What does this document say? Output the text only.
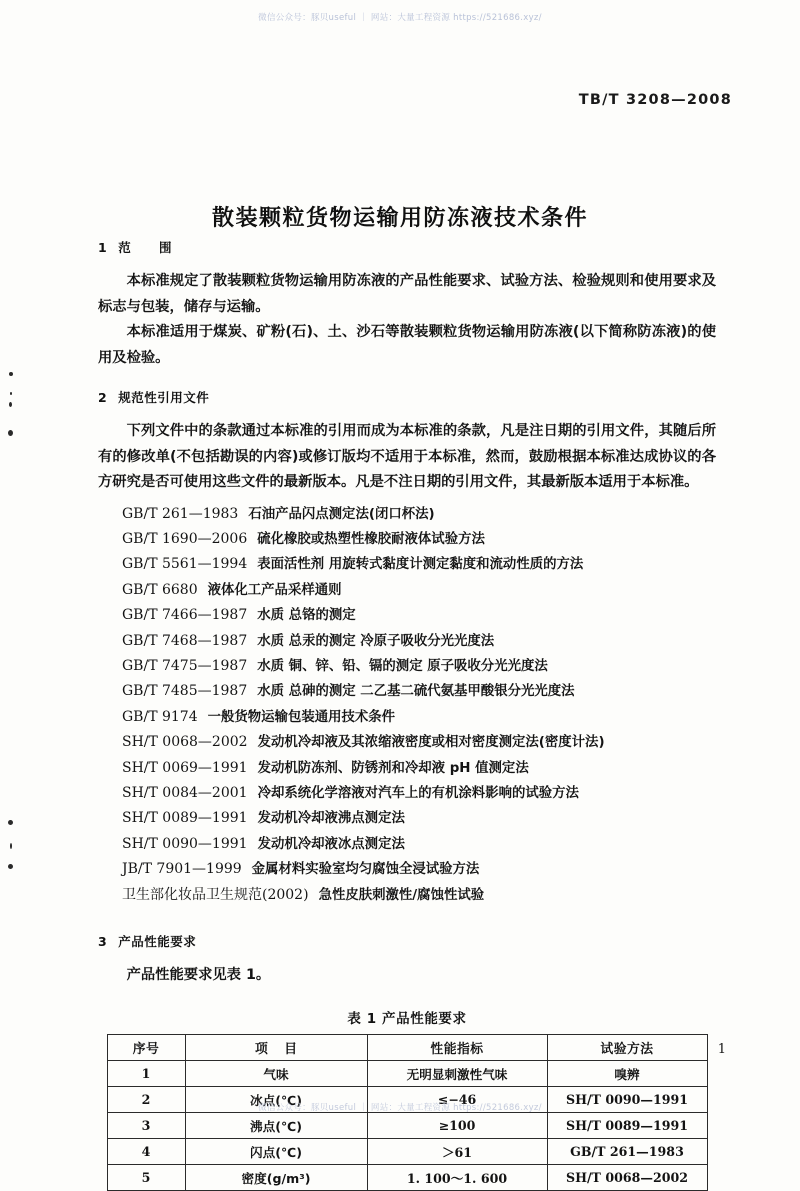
微信公众号：豚贝useful ｜ 网站：大量工程资源 https://521686.xyz/
TB/T 3208—2008
散装颗粒货物运输用防冻液技术条件
1 范 围

本标准规定了散装颗粒货物运输用防冻液的产品性能要求、试验方法、检验规则和使用要求及标志与包装，储存与运输。

本标准适用于煤炭、矿粉(石)、土、沙石等散装颗粒货物运输用防冻液(以下简称防冻液)的使用及检验。

2 规范性引用文件

下列文件中的条款通过本标准的引用而成为本标准的条款，凡是注日期的引用文件，其随后所有的修改单(不包括勘误的内容)或修订版均不适用于本标准，然而，鼓励根据本标准达成协议的各方研究是否可使用这些文件的最新版本。凡是不注日期的引用文件，其最新版本适用于本标准。

GB/T 261—1983 石油产品闪点测定法(闭口杯法)
GB/T 1690—2006 硫化橡胶或热塑性橡胶耐液体试验方法
GB/T 5561—1994 表面活性剂 用旋转式黏度计测定黏度和流动性质的方法
GB/T 6680 液体化工产品采样通则
GB/T 7466—1987 水质 总铬的测定
GB/T 7468—1987 水质 总汞的测定 冷原子吸收分光光度法
GB/T 7475—1987 水质 铜、锌、铅、镉的测定 原子吸收分光光度法
GB/T 7485—1987 水质 总砷的测定 二乙基二硫代氨基甲酸银分光光度法
GB/T 9174 一般货物运输包装通用技术条件
SH/T 0068—2002 发动机冷却液及其浓缩液密度或相对密度测定法(密度计法)
SH/T 0069—1991 发动机防冻剂、防锈剂和冷却液 pH 值测定法
SH/T 0084—2001 冷却系统化学溶液对汽车上的有机涂料影响的试验方法
SH/T 0089—1991 发动机冷却液沸点测定法
SH/T 0090—1991 发动机冷却液冰点测定法
JB/T 7901—1999 金属材料实验室均匀腐蚀全浸试验方法
卫生部化妆品卫生规范(2002) 急性皮肤刺激性/腐蚀性试验
3 产品性能要求

产品性能要求见表 1。

表 1 产品性能要求
序号	项 目	性能指标	试验方法
1	气味	无明显刺激性气味	嗅辨
2	冰点(℃)	≤−46	SH/T 0090—1991
3	沸点(℃)	≥100	SH/T 0089—1991
4	闪点(℃)	＞61	GB/T 261—1983
5	密度(g/m³)	1. 100～1. 600	SH/T 0068—2002
1
微信公众号：豚贝useful ｜ 网站：大量工程资源 https://521686.xyz/
